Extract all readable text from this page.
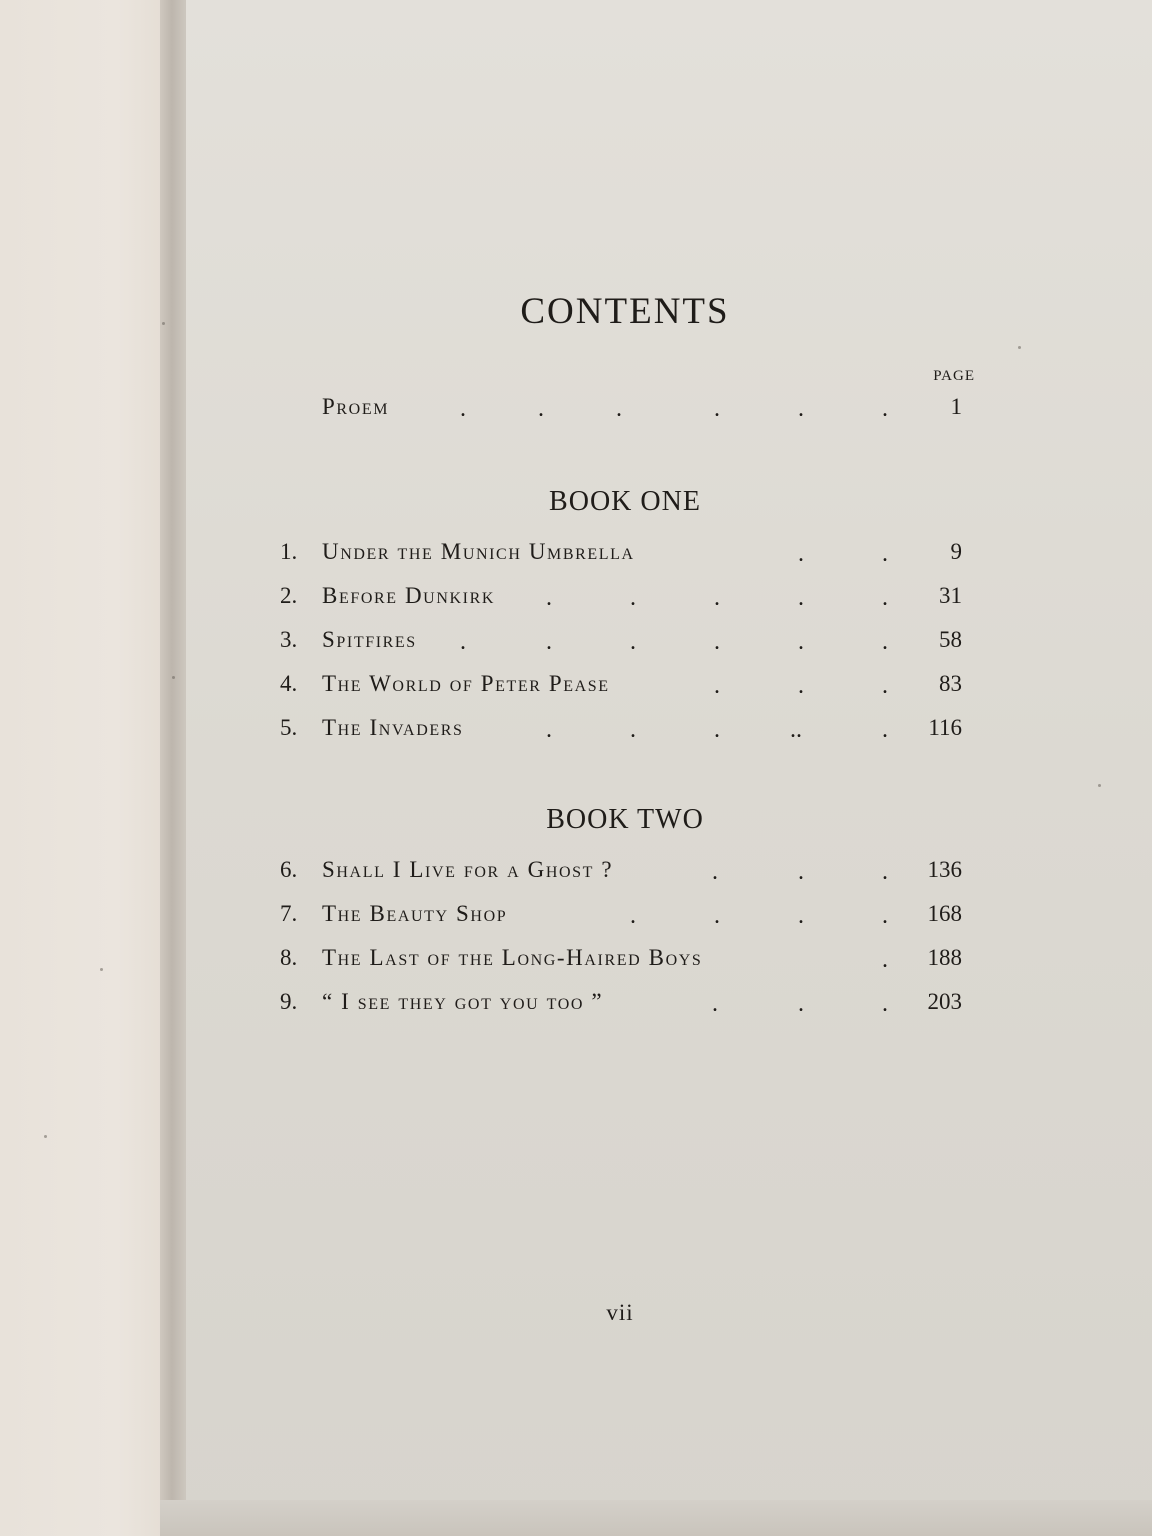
CONTENTS
PAGE
Proem	.	.	.	.	.	.	1
BOOK ONE
1.	Under the Munich Umbrella	.	.	9
2.	Before Dunkirk .	.	.	.	.	31
3.	Spitfires .	.	.	.	.	.	58
4.	The World of Peter Pease	.	.	.	83
5.	The Invaders	.	.	.	..	.	116
BOOK TWO
6.	Shall I Live for a Ghost ?	.	.	.	136
7.	The Beauty Shop	.	.	.	.	168
8.	The Last of the Long-Haired Boys	.	188
9.	“ I see they got you too ”	.	.	.	203
vii
